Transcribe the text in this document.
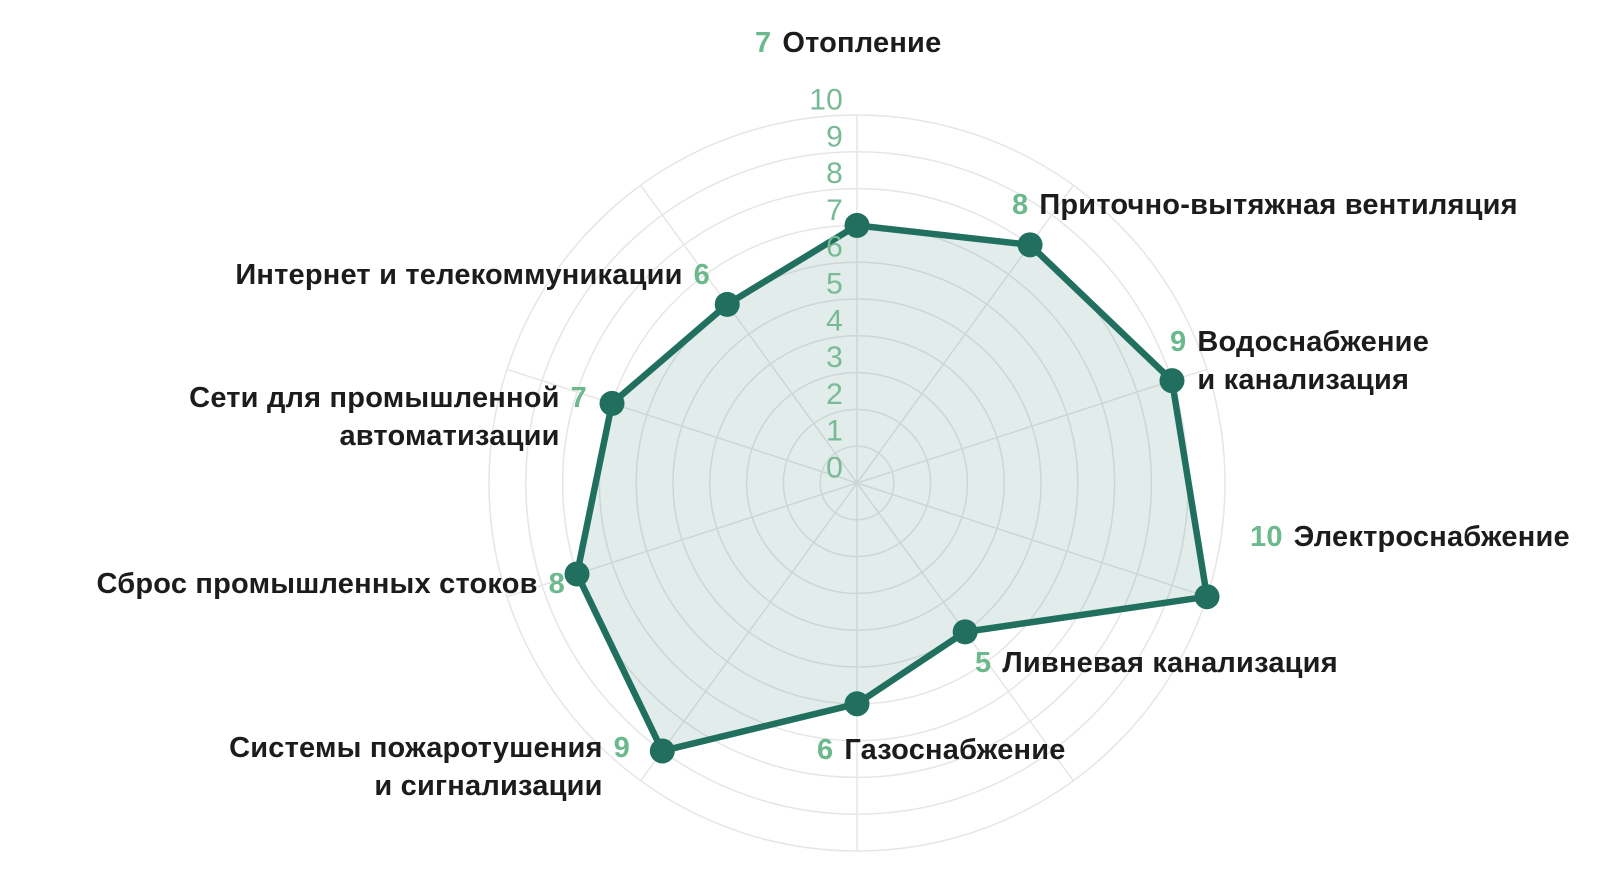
0
1
2
3
4
5
6
7
8
9
10
7 Отопление
8 Приточно-вытяжная вентиляция
9 Водоснабжение
и канализация
10 Электроснабжение
5 Ливневая канализация
6 Газоснабжение
Системы пожаротушения
и сигнализации
9
Сброс промышленных стоков 8
Сети для промышленной
автоматизации
7
Интернет и телекоммуникации 6
